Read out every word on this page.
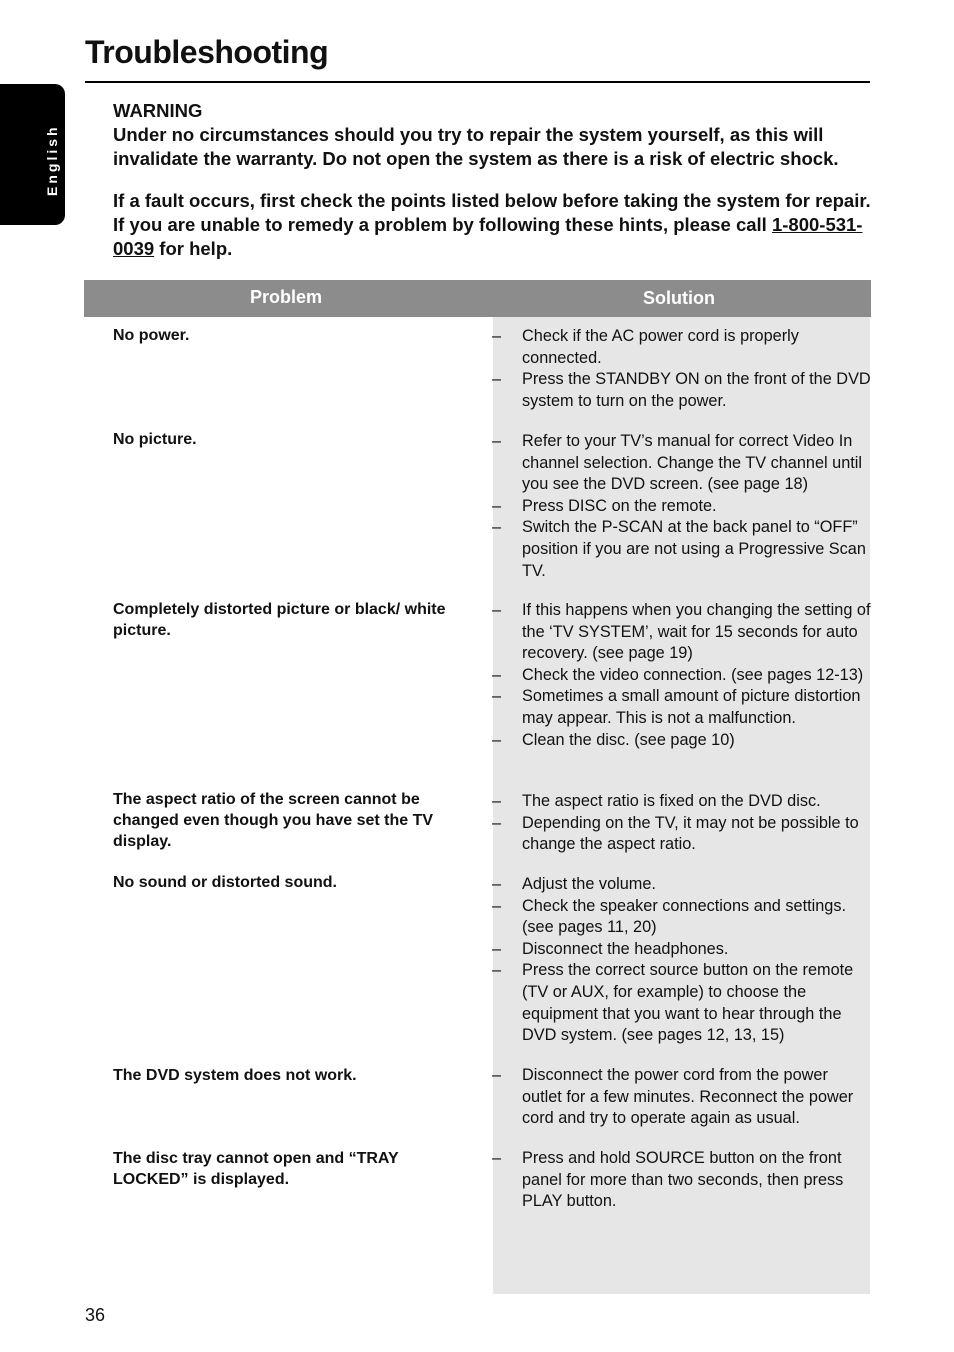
Troubleshooting
English

WARNING

Under no circumstances should you try to repair the system yourself, as this will invalidate the warranty. Do not open the system as there is a risk of electric shock.

If a fault occurs, first check the points listed below before taking the system for repair. If you are unable to remedy a problem by following these hints, please call 1-800-531-0039 for help.

Problem	Solution
No power.	– Check if the AC power cord is properly connected.
– Press the STANDBY ON on the front of the DVD system to turn on the power.
No picture.	– Refer to your TV’s manual for correct Video In channel selection. Change the TV channel until you see the DVD screen. (see page 18)
– Press DISC on the remote.
– Switch the P-SCAN at the back panel to “OFF” position if you are not using a Progressive Scan TV.
Completely distorted picture or black/ white picture.
– If this happens when you changing the setting of the ‘TV SYSTEM’, wait for 15 seconds for auto recovery. (see page 19)
– Check the video connection. (see pages 12-13)
– Sometimes a small amount of picture distortion may appear. This is not a malfunction.
– Clean the disc. (see page 10)
The aspect ratio of the screen cannot be changed even though you have set the TV display.
– The aspect ratio is fixed on the DVD disc.
– Depending on the TV, it may not be possible to change the aspect ratio.
No sound or distorted sound.	– Adjust the volume.
– Check the speaker connections and settings. (see pages 11, 20)
– Disconnect the headphones.
– Press the correct source button on the remote (TV or AUX, for example) to choose the equipment that you want to hear through the DVD system. (see pages 12, 13, 15)
The DVD system does not work.	– Disconnect the power cord from the power outlet for a few minutes. Reconnect the power cord and try to operate again as usual.
The disc tray cannot open and “TRAY LOCKED” is displayed.
– Press and hold SOURCE button on the front panel for more than two seconds, then press PLAY button.
36
